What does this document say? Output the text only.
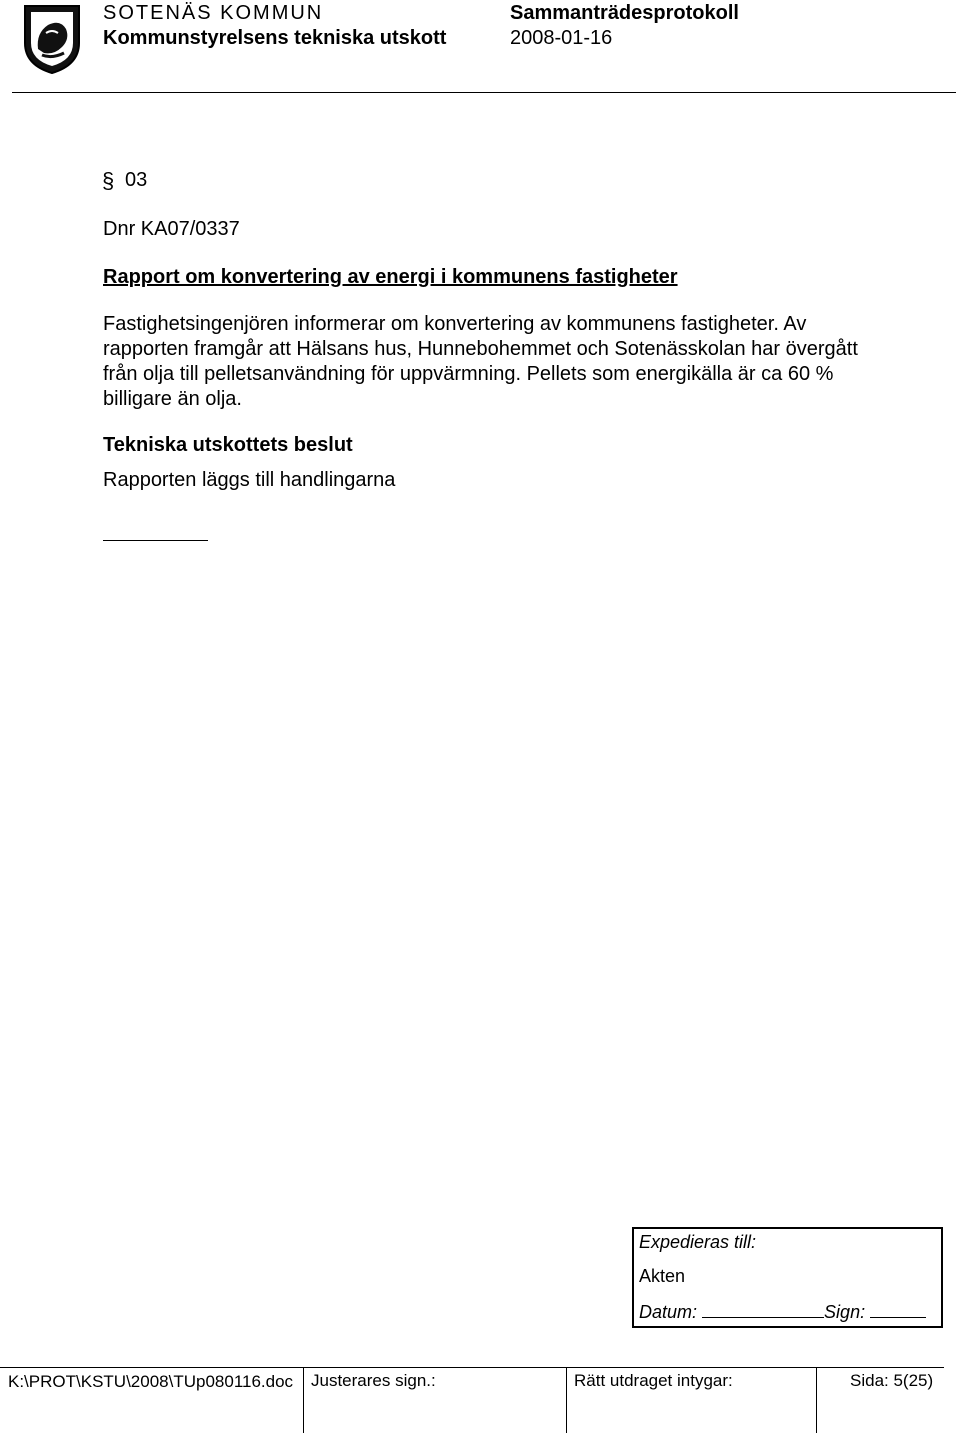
SOTENÄS KOMMUN
Kommunstyrelsens tekniska utskott
Sammanträdesprotokoll
2008-01-16
§ 03
Dnr KA07/0337
Rapport om konvertering av energi i kommunens fastigheter
Fastighetsingenjören informerar om konvertering av kommunens fastigheter. Av rapporten framgår att Hälsans hus, Hunnebohemmet och Sotenässkolan har övergått från olja till pelletsanvändning för uppvärmning. Pellets som energikälla är ca 60 % billigare än olja.
Tekniska utskottets beslut
Rapporten läggs till handlingarna
Expedieras till:
Akten
Datum:	Sign:
K:\PROT\KSTU\2008\TUp080116.doc Justerares sign.:	Rätt utdraget intygar:	Sida: 5(25)
